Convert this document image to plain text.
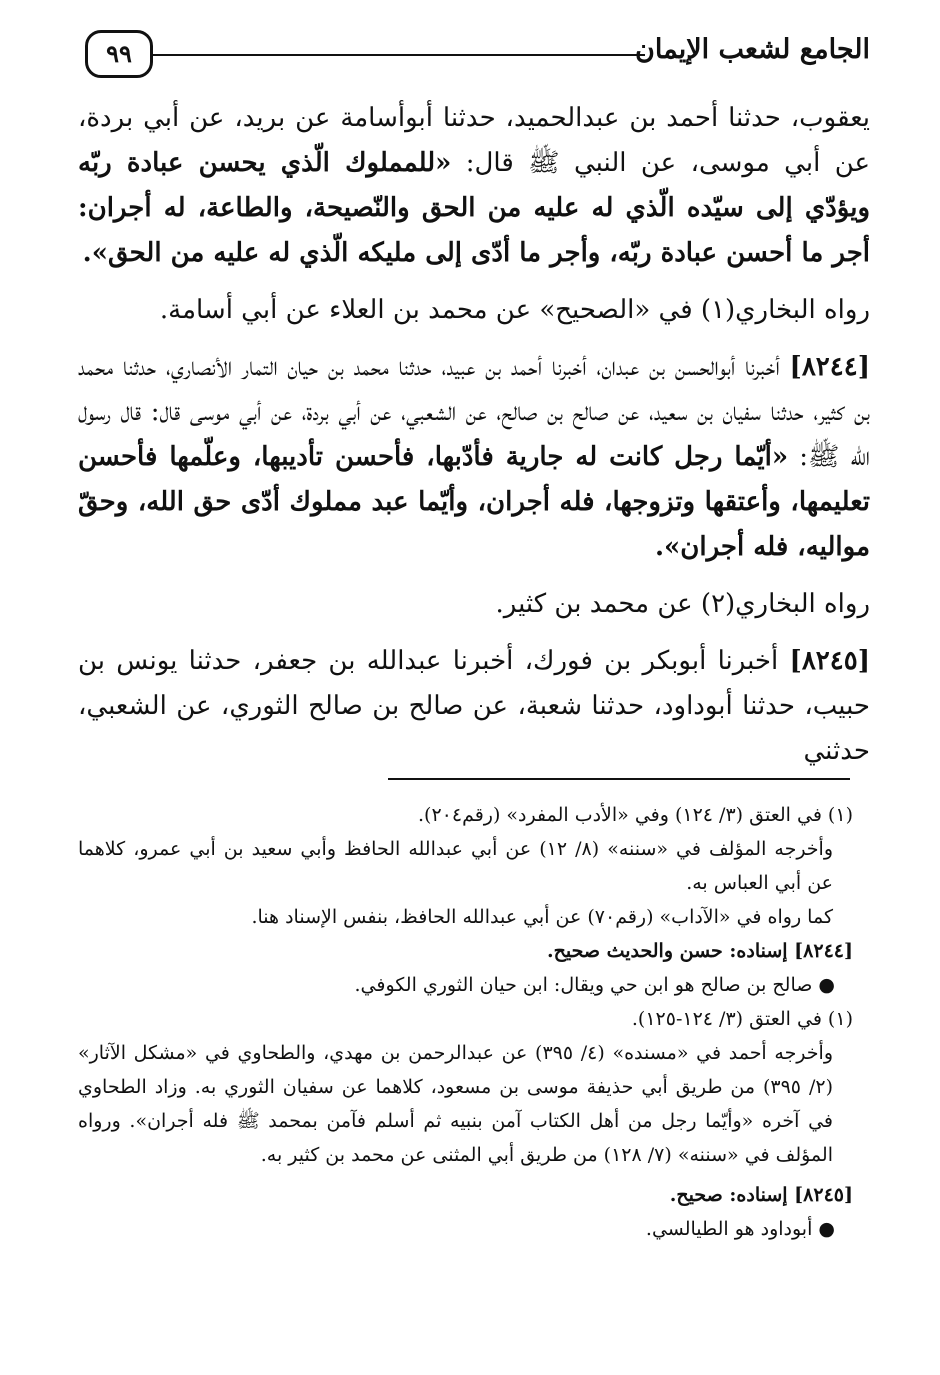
الجامع لشعب الإيمان
٩٩

يعقوب، حدثنا أحمد بن عبدالحميد، حدثنا أبوأسامة عن بريد، عن أبي بردة، عن أبي موسى، عن النبي ﷺ قال: «للمملوك الّذي يحسن عبادة ربّه ويؤدّي إلى سيّده الّذي له عليه من الحق والنّصيحة، والطاعة، له أجران: أجر ما أحسن عبادة ربّه، وأجر ما أدّى إلى مليكه الّذي له عليه من الحق».

رواه البخاري(١) في «الصحيح» عن محمد بن العلاء عن أبي أسامة.

[٨٢٤٤] أخبرنا أبوالحسن بن عبدان، أخبرنا أحمد بن عبيد، حدثنا محمد بن حيان التمار الأنصاري، حدثنا محمد بن كثير، حدثنا سفيان بن سعيد، عن صالح بن صالح، عن الشعبي، عن أبي بردة، عن أبي موسى قال: قال رسول الله ﷺ: «أيّما رجل كانت له جارية فأدّبها، فأحسن تأديبها، وعلّمها فأحسن تعليمها، وأعتقها وتزوجها، فله أجران، وأيّما عبد مملوك أدّى حق الله، وحقّ مواليه، فله أجران».

رواه البخاري(٢) عن محمد بن كثير.

[٨٢٤٥] أخبرنا أبوبكر بن فورك، أخبرنا عبدالله بن جعفر، حدثنا يونس بن حبيب، حدثنا أبوداود، حدثنا شعبة، عن صالح بن صالح الثوري، عن الشعبي، حدثني

(١) في العتق (٣/ ١٢٤) وفي «الأدب المفرد» (رقم٢٠٤).

وأخرجه المؤلف في «سننه» (٨/ ١٢) عن أبي عبدالله الحافظ وأبي سعيد بن أبي عمرو، كلاهما عن أبي العباس به.

كما رواه في «الآداب» (رقم٧٠) عن أبي عبدالله الحافظ، بنفس الإسناد هنا.

[٨٢٤٤] إسناده: حسن والحديث صحيح.

● صالح بن صالح هو ابن حي ويقال: ابن حيان الثوري الكوفي.

(١) في العتق (٣/ ١٢٤-١٢٥).

وأخرجه أحمد في «مسنده» (٤/ ٣٩٥) عن عبدالرحمن بن مهدي، والطحاوي في «مشكل الآثار» (٢/ ٣٩٥) من طريق أبي حذيفة موسى بن مسعود، كلاهما عن سفيان الثوري به. وزاد الطحاوي في آخره «وأيّما رجل من أهل الكتاب آمن بنبيه ثم أسلم فآمن بمحمد ﷺ فله أجران». ورواه المؤلف في «سننه» (٧/ ١٢٨) من طريق أبي المثنى عن محمد بن كثير به.

[٨٢٤٥] إسناده: صحيح.

● أبوداود هو الطيالسي.
